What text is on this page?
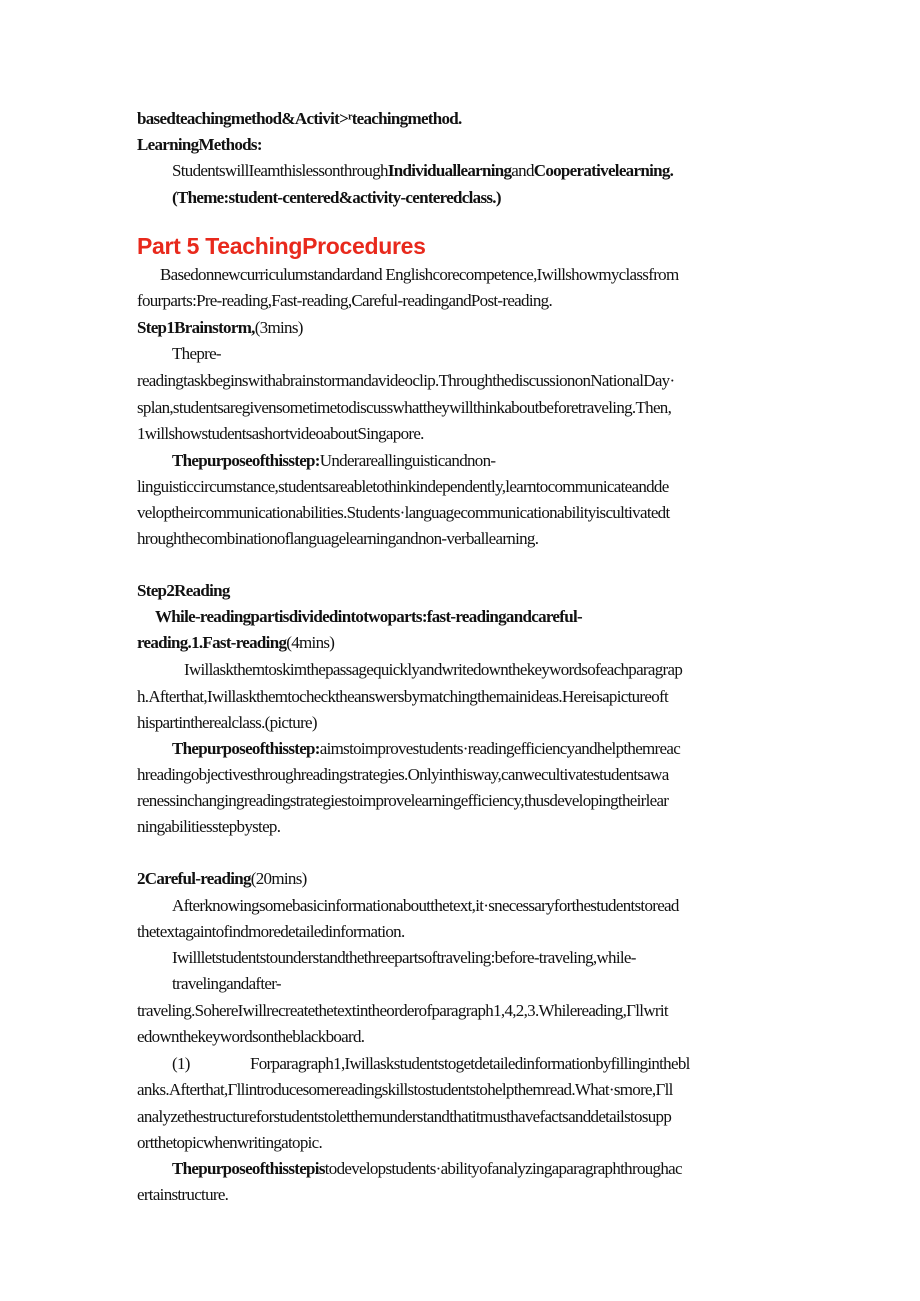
basedteachingmethod&Activit>ʳteachingmethod.
LearningMethods:
StudentswillIeamthislessonthroughIndividuallearningandCooperativelearning.
(Theme:student-centered&activity-centeredclass.)
Part 5 TeachingProcedures
Basedonnewcurriculumstandardand Englishcorecompetence,Iwillshowmyclassfrom
fourparts:Pre-reading,Fast-reading,Careful-readingandPost-reading.
Step1Brainstorm,(3mins)
Thepre-
readingtaskbeginswithabrainstormandavideoclip.ThroughthediscussiononNationalDay·
splan,studentsaregivensometimetodiscusswhattheywillthinkaboutbeforetraveling.Then,
1willshowstudentsashortvideoaboutSingapore.
Thepurposeofthisstep:Underareallinguisticandnon-
linguisticcircumstance,studentsareabletothinkindependently,learntocommunicateandde
veloptheircommunicationabilities.Students·languagecommunicationabilityiscultivatedt
hroughthecombinationoflanguagelearningandnon-verballearning.
Step2Reading
While-readingpartisdividedintotwoparts:fast-readingandcareful-
reading.1.Fast-reading(4mins)
Iwillaskthemtoskimthepassagequicklyandwritedownthekeywordsofeachparagrap
h.Afterthat,Iwillaskthemtochecktheanswersbymatchingthemainideas.Hereisapictureoft
hispartintherealclass.(picture)
Thepurposeofthisstep:aimstoimprovestudents·readingefficiencyandhelpthemreac
hreadingobjectivesthroughreadingstrategies.Onlyinthisway,canwecultivatestudentsawa
renessinchangingreadingstrategiestoimprovelearningefficiency,thusdevelopingtheirlear
ningabilitiesstepbystep.
2Careful-reading(20mins)
Afterknowingsomebasicinformationaboutthetext,it·snecessaryforthestudentstoread
thetextagaintofindmoredetailedinformation.
Iwillletstudentstounderstandthethreepartsoftraveling:before-traveling,while-
travelingandafter-
traveling.SohereIwillrecreatethetextintheorderofparagraph1,4,2,3.Whilereading,Γllwrit
edownthekeywordsontheblackboard.
(1)	Forparagraph1,Iwillaskstudentstogetdetailedinformationbyfillingintheb​l
anks.Afterthat,Γllintroducesomereadingskillstostudentstohelpthemread.What·smore,Γll
analyzethestructureforstudentstoletthemunderstandthatitmusthavefactsanddetailstosupp
ortthetopicwhenwritingatopic.
Thepurposeofthisstepistodevelopstudents·abilityofanalyzingaparagraphthroughac
ertainstructure.
